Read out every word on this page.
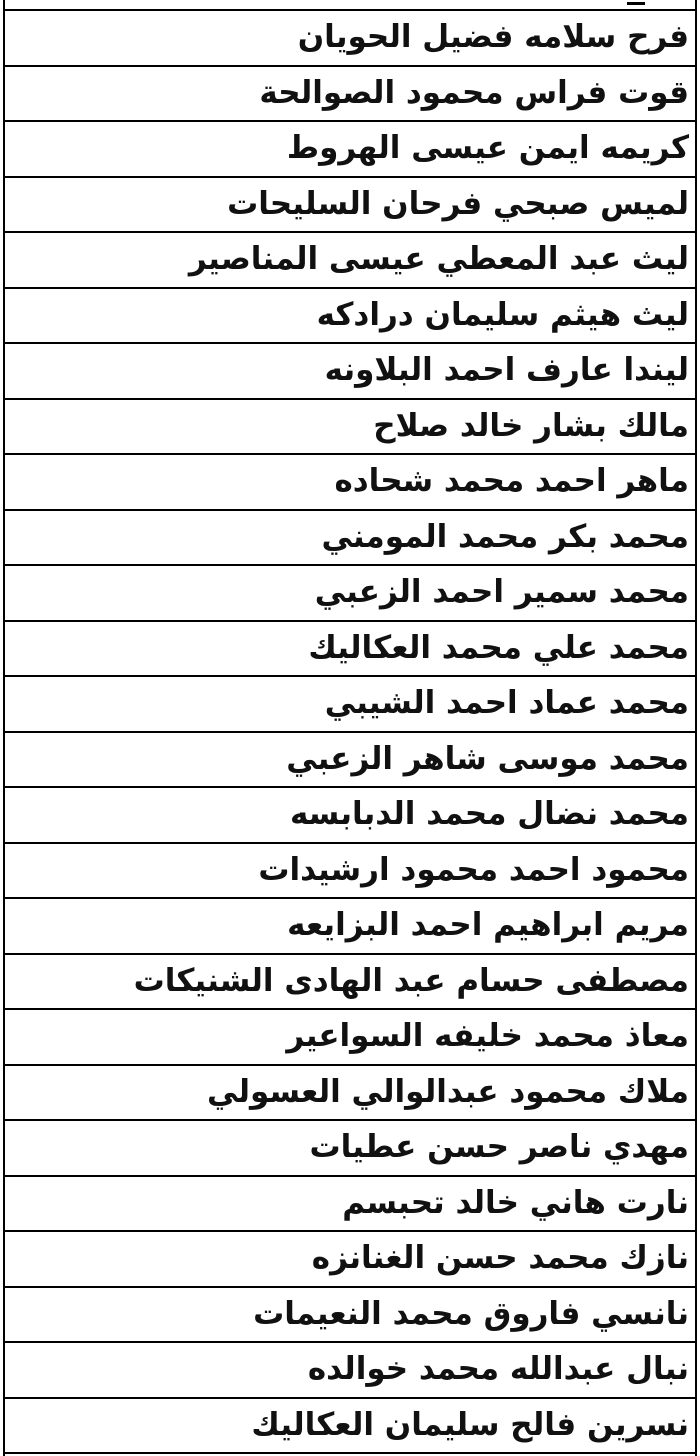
فرح سلامه فضيل الحويان
قوت فراس محمود الصوالحة
كريمه ايمن عيسى الهروط
لميس صبحي فرحان السليحات
ليث عبد المعطي عيسى المناصير
ليث هيثم سليمان درادكه
ليندا عارف احمد البلاونه
مالك بشار خالد صلاح
ماهر احمد محمد شحاده
محمد بكر محمد المومني
محمد سمير احمد الزعبي
محمد علي محمد العكاليك
محمد عماد احمد الشيبي
محمد موسى شاهر الزعبي
محمد نضال محمد الدبابسه
محمود احمد محمود ارشيدات
مريم ابراهيم احمد البزايعه
مصطفى حسام عبد الهادى الشنيكات
معاذ محمد خليفه السواعير
ملاك محمود عبدالوالي العسولي
مهدي ناصر حسن عطيات
نارت هاني خالد تحبسم
نازك محمد حسن الغنانزه
نانسي فاروق محمد النعيمات
نبال عبدالله محمد خوالده
نسرين فالح سليمان العكاليك
